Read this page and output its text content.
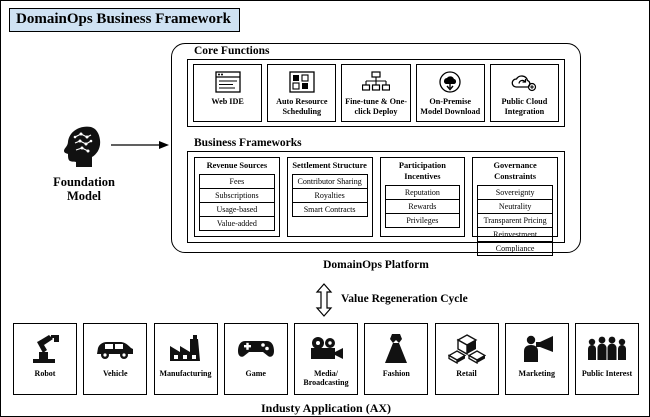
DomainOps Business Framework
Foundation
Model
Core Functions
Web IDE	Auto Resource Scheduling
Fine-tune & One-click Deploy
On-Premise Model Download
Public Cloud Integration
Business Frameworks
Revenue Sources
Fees
Subscriptions
Usage-based
Value-added
Settlement Structure
Contributor Sharing
Royalties
Smart Contracts
Participation Incentives
Reputation
Rewards
Privileges
Governance Constraints
Sovereignty
Neutrality
Transparent Pricing
Reinvestment
Compliance
DomainOps Platform
Value Regeneration Cycle
Robot	Vehicle	Manufacturing	Game	Media/ Broadcasting
Fashion	Retail	Marketing	Public Interest
Industy Application (AX)
